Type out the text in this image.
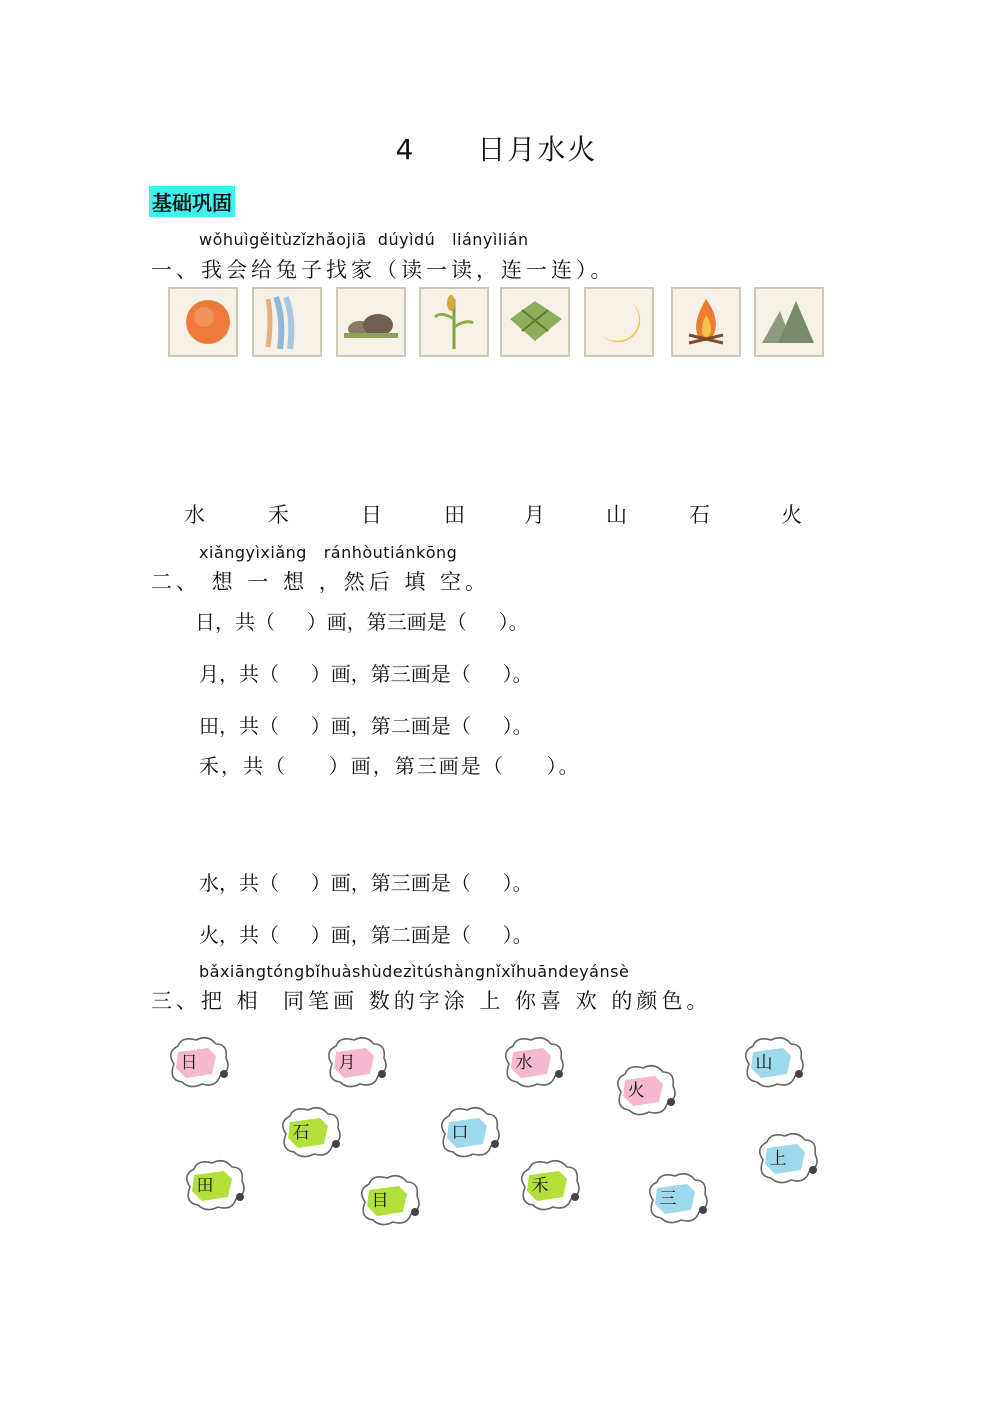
4 日月水火
基础巩固
wǒhuìgěitùzǐzhǎojiā  dúyìdú   liányìlián
一、我会给兔子找家（读一读，连一连）。
水	禾	日	田	月	山	石	火
xiǎngyìxiǎng   ránhòutiánkōng
二、 想 一 想 ，然后 填 空。
日，共（     ）画，第三画是（     ）。
月，共（     ）画，第三画是（     ）。
田，共（     ）画，第二画是（     ）。
禾，共（     ）画，第三画是（     ）。
水，共（     ）画，第三画是（     ）。
火，共（     ）画，第二画是（     ）。
bǎxiāngtóngbǐhuàshùdezìtúshàngnǐxǐhuāndeyánsè
三、把 相  同笔画 数的字涂 上 你喜 欢 的颜色。
日	月	水
火
山
石	口
上
田
目
禾
三
